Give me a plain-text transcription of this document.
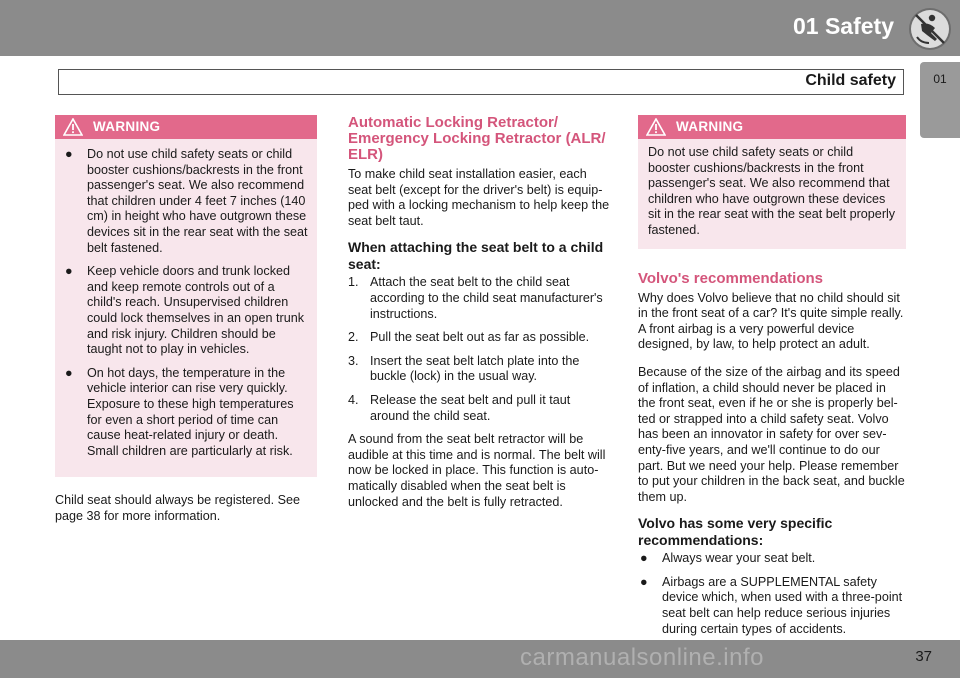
01 Safety
Child safety	01
WARNING
● Do not use child safety seats or child booster cushions/backrests in the front passenger's seat. We also recommend that children under 4 feet 7 inches (140 cm) in height who have outgrown these devices sit in the rear seat with the seat belt fastened.
● Keep vehicle doors and trunk locked and keep remote controls out of a child's reach. Unsupervised children could lock themselves in an open trunk and risk injury. Children should be taught not to play in vehicles.
● On hot days, the temperature in the vehicle interior can rise very quickly. Exposure to these high temperatures for even a short period of time can cause heat-related injury or death. Small children are particularly at risk.

Child seat should always be registered. See page 38 for more information.

Automatic Locking Retractor/ Emergency Locking Retractor (ALR/ ELR)

To make child seat installation easier, each seat belt (except for the driver's belt) is equip-ped with a locking mechanism to help keep the seat belt taut.

When attaching the seat belt to a child seat:
1. Attach the seat belt to the child seat according to the child seat manufacturer's instructions.
2. Pull the seat belt out as far as possible.
3. Insert the seat belt latch plate into the buckle (lock) in the usual way.
4. Release the seat belt and pull it taut around the child seat.

A sound from the seat belt retractor will be audible at this time and is normal. The belt will now be locked in place. This function is auto-matically disabled when the seat belt is unlocked and the belt is fully retracted.

WARNING
Do not use child safety seats or child booster cushions/backrests in the front passenger's seat. We also recommend that children who have outgrown these devices sit in the rear seat with the seat belt properly fastened.
Volvo's recommendations

Why does Volvo believe that no child should sit in the front seat of a car? It's quite simple really. A front airbag is a very powerful device designed, by law, to help protect an adult.

Because of the size of the airbag and its speed of inflation, a child should never be placed in the front seat, even if he or she is properly bel-ted or strapped into a child safety seat. Volvo has been an innovator in safety for over sev-enty-five years, and we'll continue to do our part. But we need your help. Please remember to put your children in the back seat, and buckle them up.

Volvo has some very specific recommendations:
● Always wear your seat belt.
● Airbags are a SUPPLEMENTAL safety device which, when used with a three-point seat belt can help reduce serious injuries during certain types of accidents.
37
carmanualsonline.info
